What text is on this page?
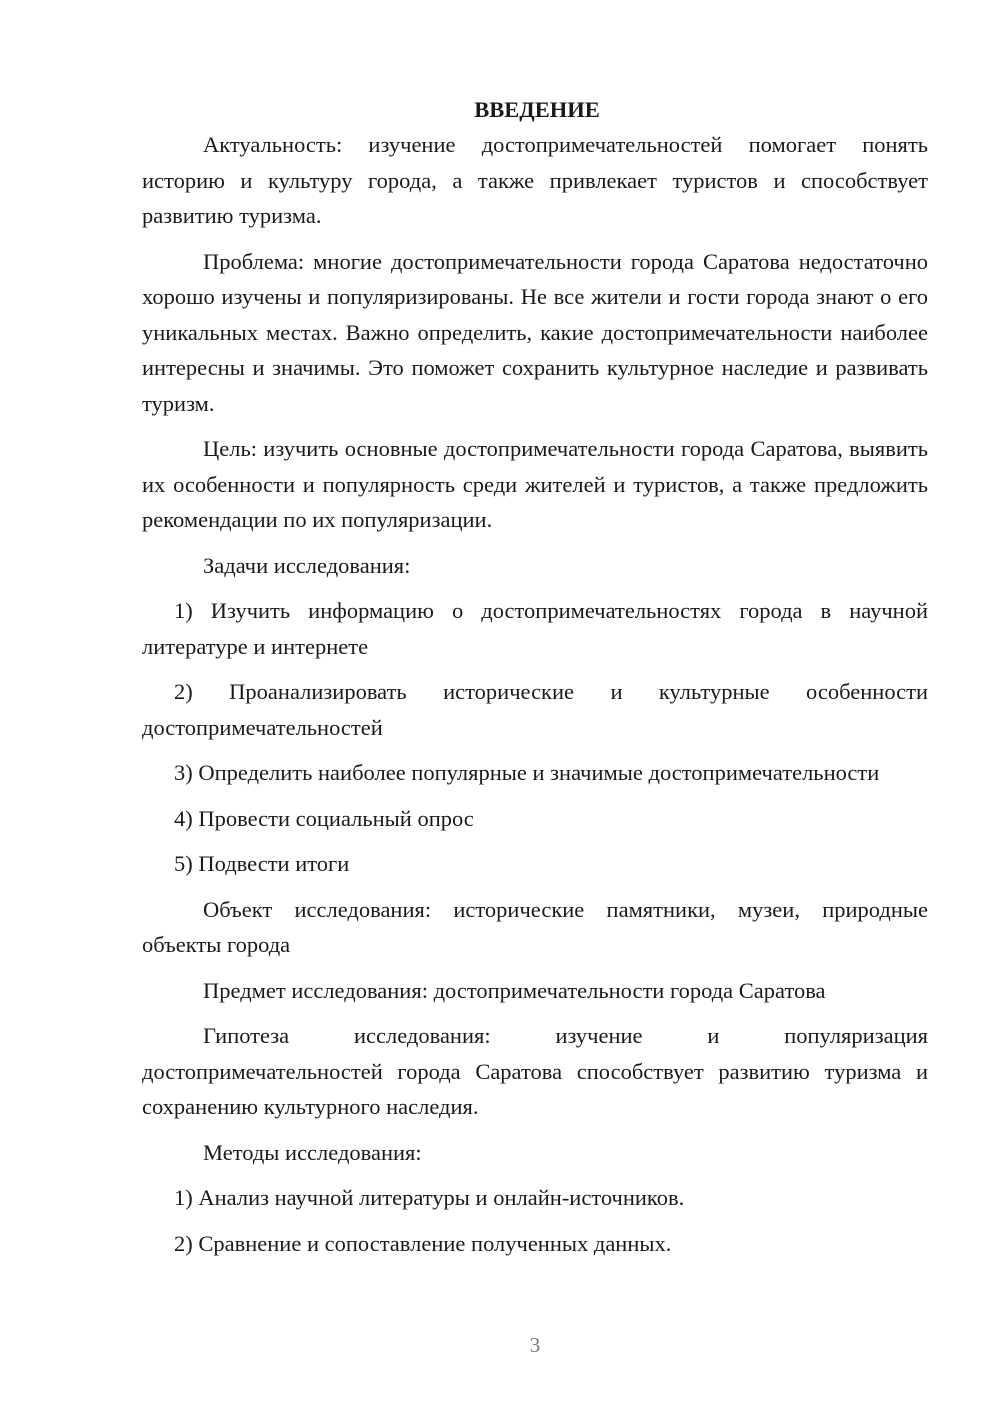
ВВЕДЕНИЕ

Актуальность: изучение достопримечательностей помогает понять историю и культуру города, а также привлекает туристов и способствует развитию туризма.

Проблема: многие достопримечательности города Саратова недостаточно хорошо изучены и популяризированы. Не все жители и гости города знают о его уникальных местах. Важно определить, какие достопримечательности наиболее интересны и значимы. Это поможет сохранить культурное наследие и развивать туризм.

Цель: изучить основные достопримечательности города Саратова, выявить их особенности и популярность среди жителей и туристов, а также предложить рекомендации по их популяризации.

Задачи исследования:

1) Изучить информацию о достопримечательностях города в научной литературе и интернете

2) Проанализировать исторические и культурные особенности достопримечательностей

3) Определить наиболее популярные и значимые достопримечательности

4) Провести социальный опрос

5) Подвести итоги

Объект исследования: исторические памятники, музеи, природные объекты города

Предмет исследования: достопримечательности города Саратова

Гипотеза исследования: изучение и популяризация достопримечательностей города Саратова способствует развитию туризма и сохранению культурного наследия.

Методы исследования:

1) Анализ научной литературы и онлайн-источников.

2) Сравнение и сопоставление полученных данных.

3
